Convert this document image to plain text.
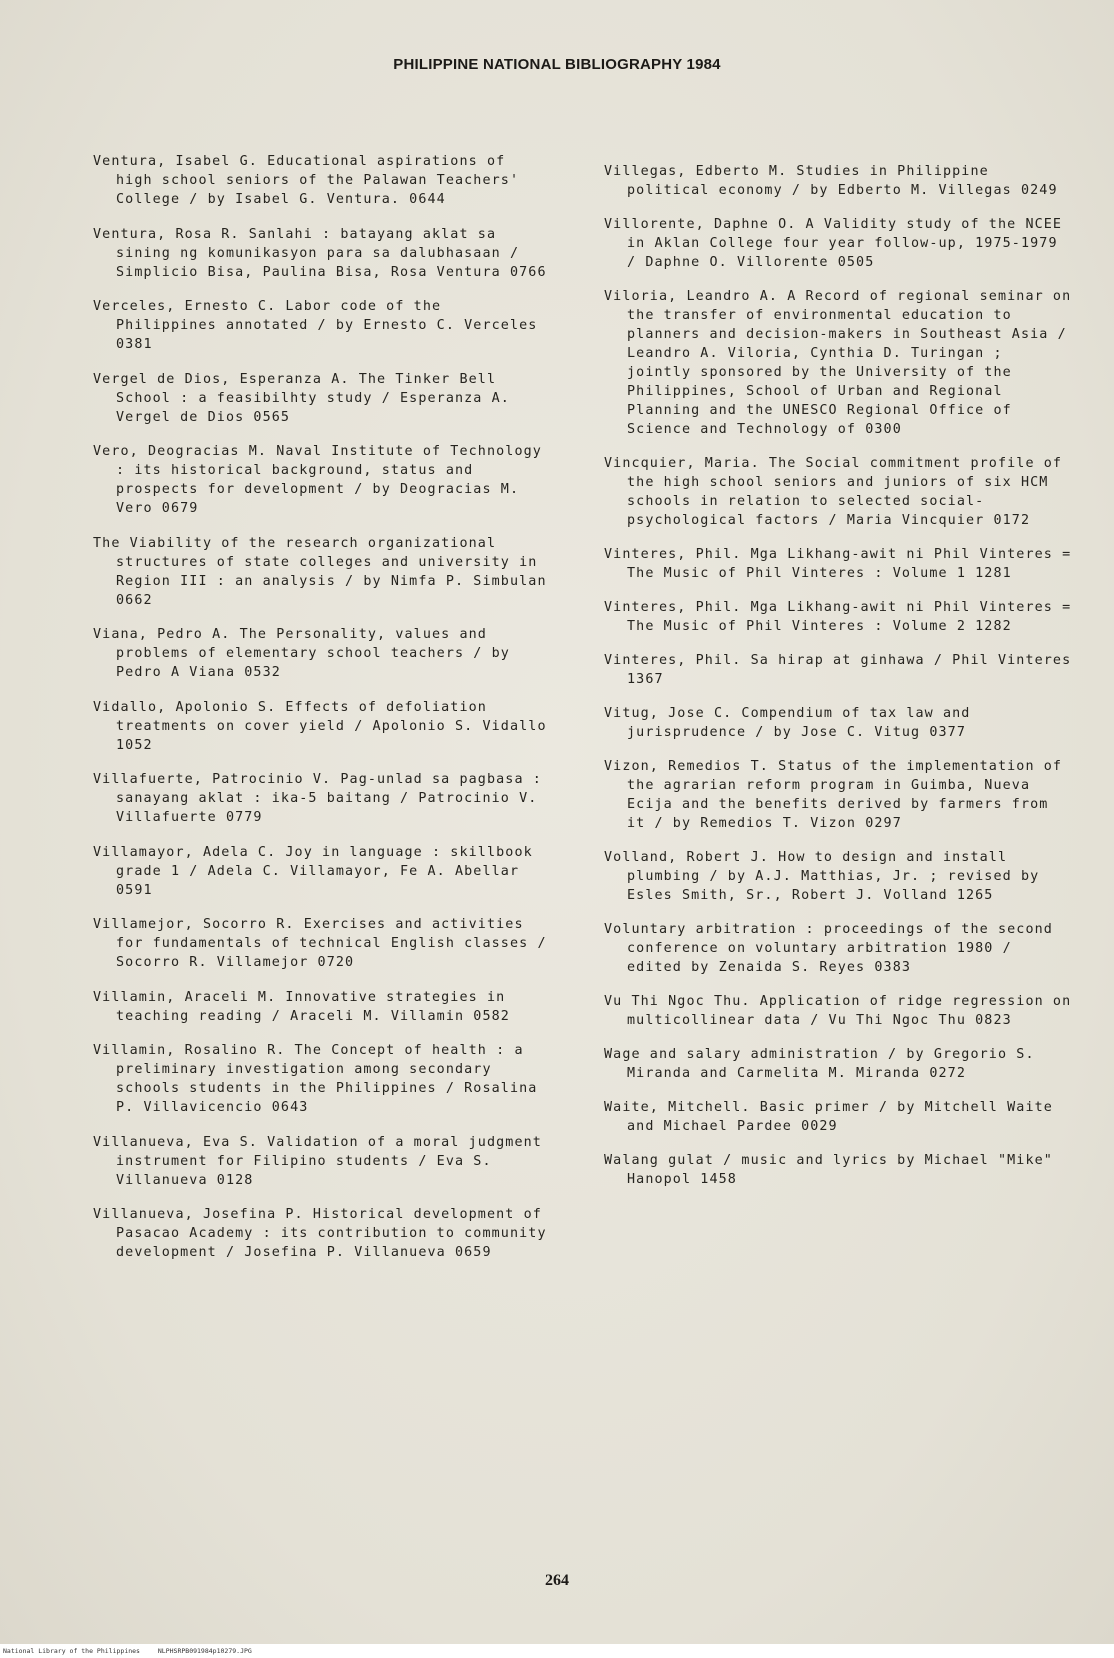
PHILIPPINE NATIONAL BIBLIOGRAPHY 1984

Ventura, Isabel G. Educational aspirations of high school seniors of the Palawan Teachers' College / by Isabel G. Ventura. 0644

Ventura, Rosa R. Sanlahi : batayang aklat sa sining ng komunikasyon para sa dalubhasaan / Simplicio Bisa, Paulina Bisa, Rosa Ventura 0766

Verceles, Ernesto C. Labor code of the Philippines annotated / by Ernesto C. Verceles 0381

Vergel de Dios, Esperanza A. The Tinker Bell School : a feasibilhty study / Esperanza A. Vergel de Dios 0565

Vero, Deogracias M. Naval Institute of Technology : its historical background, status and prospects for development / by Deogracias M. Vero 0679

The Viability of the research organizational structures of state colleges and university in Region III : an analysis / by Nimfa P. Simbulan 0662

Viana, Pedro A. The Personality, values and problems of elementary school teachers / by Pedro A Viana 0532

Vidallo, Apolonio S. Effects of defoliation treatments on cover yield / Apolonio S. Vidallo 1052

Villafuerte, Patrocinio V. Pag-unlad sa pagbasa : sanayang aklat : ika-5 baitang / Patrocinio V. Villafuerte 0779

Villamayor, Adela C. Joy in language : skillbook grade 1 / Adela C. Villamayor, Fe A. Abellar 0591

Villamejor, Socorro R. Exercises and activities for fundamentals of technical English classes / Socorro R. Villamejor 0720

Villamin, Araceli M. Innovative strategies in teaching reading / Araceli M. Villamin 0582

Villamin, Rosalino R. The Concept of health : a preliminary investigation among secondary schools students in the Philippines / Rosalina P. Villavicencio 0643

Villanueva, Eva S. Validation of a moral judgment instrument for Filipino students / Eva S. Villanueva 0128

Villanueva, Josefina P. Historical development of Pasacao Academy : its contribution to community development / Josefina P. Villanueva 0659

Villegas, Edberto M. Studies in Philippine political economy / by Edberto M. Villegas 0249

Villorente, Daphne O. A Validity study of the NCEE in Aklan College four year follow-up, 1975-1979 / Daphne O. Villorente 0505

Viloria, Leandro A. A Record of regional seminar on the transfer of environmental education to planners and decision-makers in Southeast Asia / Leandro A. Viloria, Cynthia D. Turingan ; jointly sponsored by the University of the Philippines, School of Urban and Regional Planning and the UNESCO Regional Office of Science and Technology of 0300

Vincquier, Maria. The Social commitment profile of the high school seniors and juniors of six HCM schools in relation to selected social-psychological factors / Maria Vincquier 0172

Vinteres, Phil. Mga Likhang-awit ni Phil Vinteres = The Music of Phil Vinteres : Volume 1 1281

Vinteres, Phil. Mga Likhang-awit ni Phil Vinteres = The Music of Phil Vinteres : Volume 2 1282

Vinteres, Phil. Sa hirap at ginhawa / Phil Vinteres 1367

Vitug, Jose C. Compendium of tax law and jurisprudence / by Jose C. Vitug 0377

Vizon, Remedios T. Status of the implementation of the agrarian reform program in Guimba, Nueva Ecija and the benefits derived by farmers from it / by Remedios T. Vizon 0297

Volland, Robert J. How to design and install plumbing / by A.J. Matthias, Jr. ; revised by Esles Smith, Sr., Robert J. Volland 1265

Voluntary arbitration : proceedings of the second conference on voluntary arbitration 1980 / edited by Zenaida S. Reyes 0383

Vu Thi Ngoc Thu. Application of ridge regression on multicollinear data / Vu Thi Ngoc Thu 0823

Wage and salary administration / by Gregorio S. Miranda and Carmelita M. Miranda 0272

Waite, Mitchell. Basic primer / by Mitchell Waite and Michael Pardee 0029

Walang gulat / music and lyrics by Michael "Mike" Hanopol 1458

264
National Library of the Philippines	NLPHSRPB091984p10279.JPG
